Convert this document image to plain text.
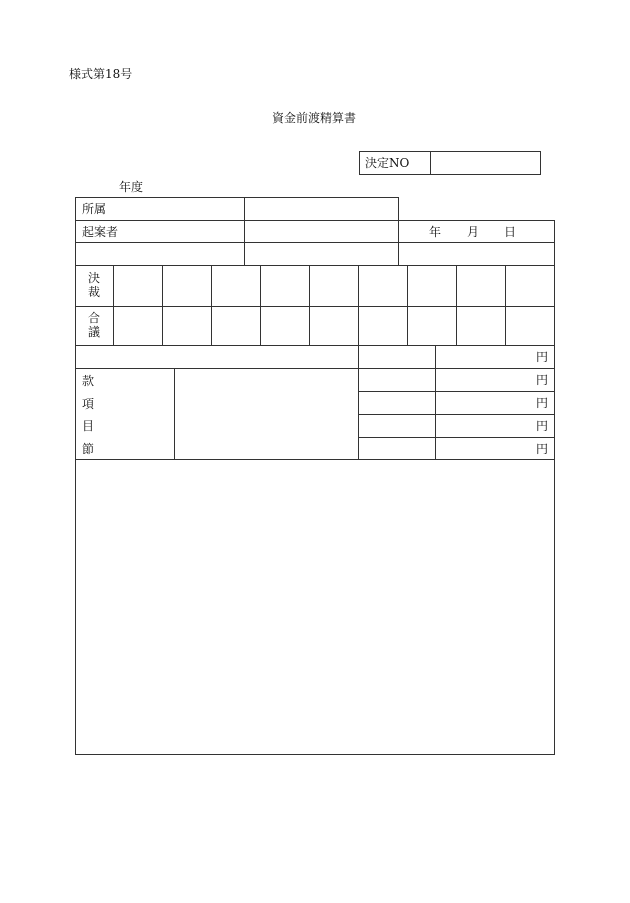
様式第18号
資金前渡精算書
決定NO
年度
所属
起案者	年 月 日
決
裁
合
議
円
円
円
円
円
款
項
目
節
